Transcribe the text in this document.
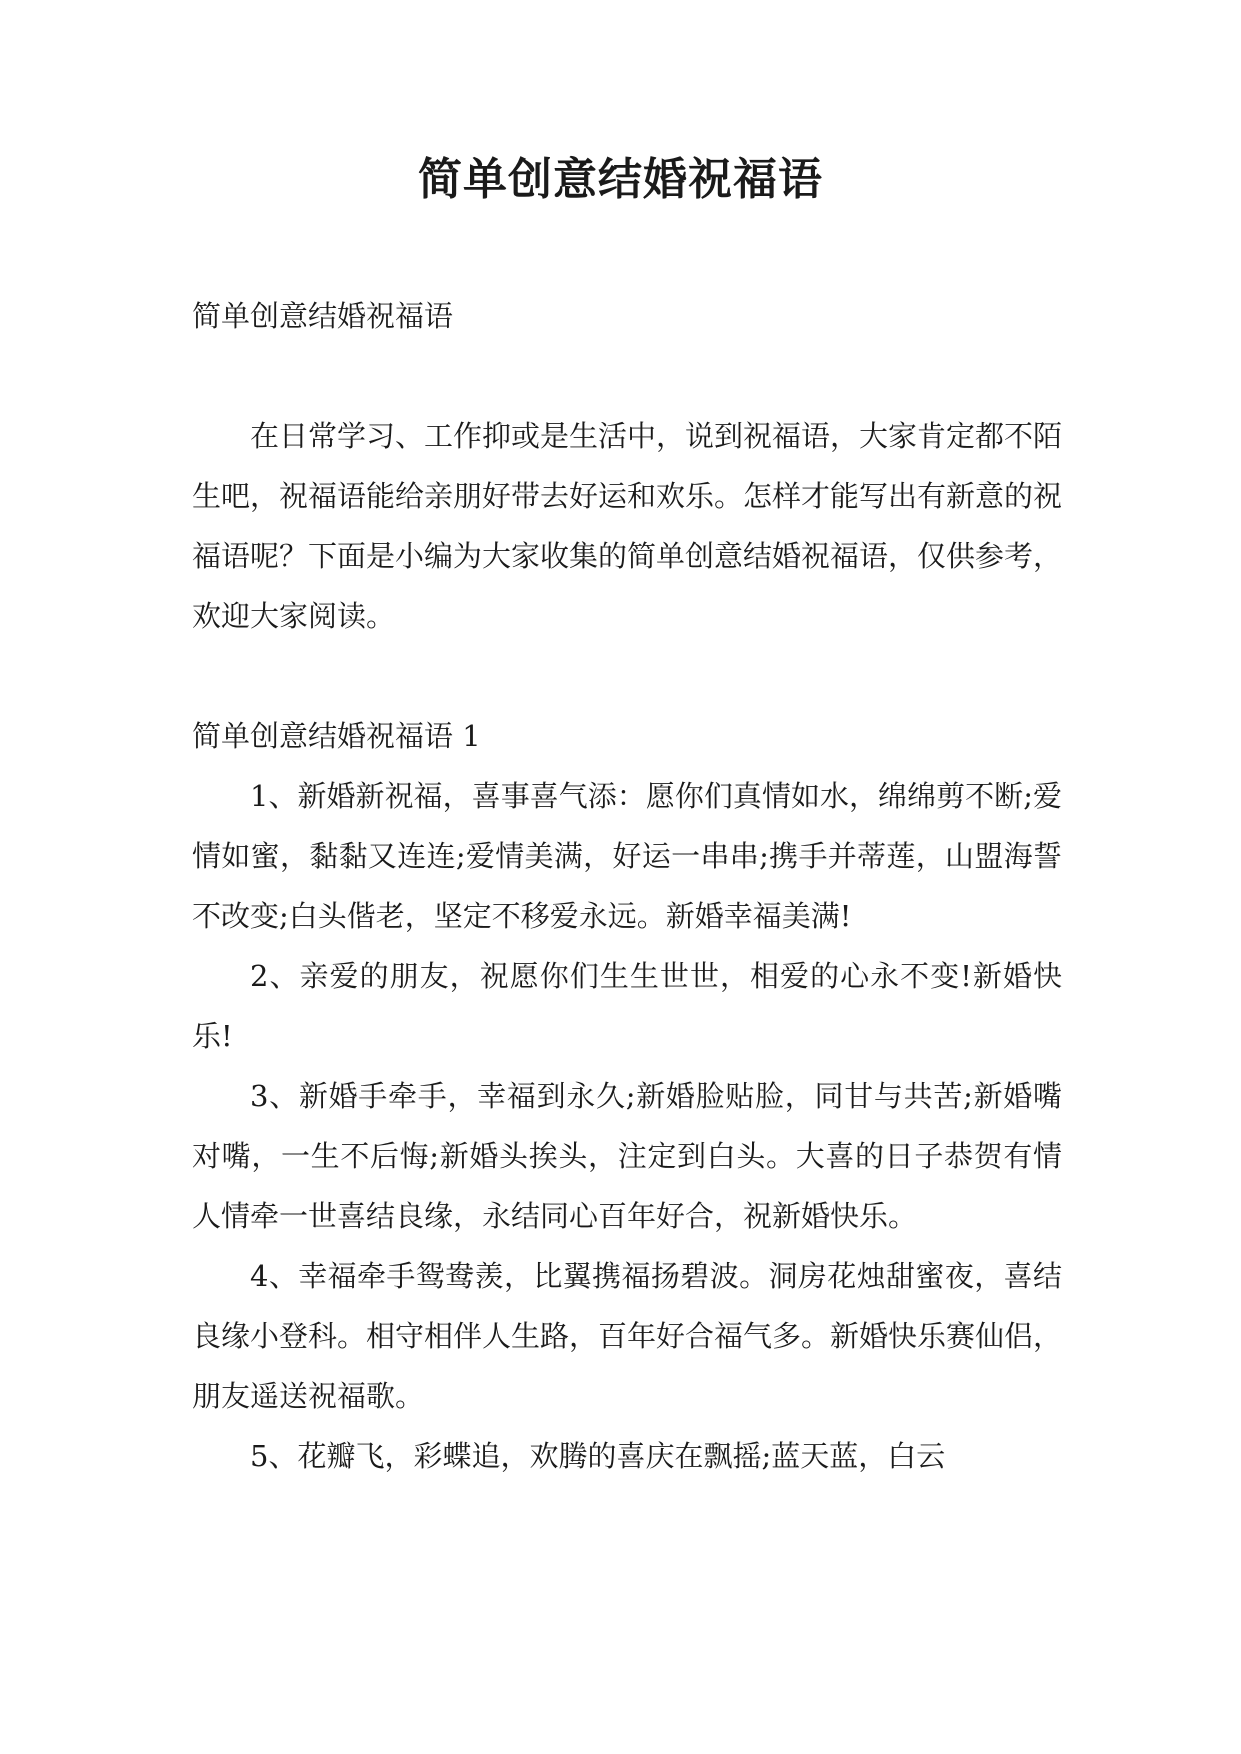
简单创意结婚祝福语

简单创意结婚祝福语

在日常学习、工作抑或是生活中，说到祝福语，大家肯定都不陌生吧，祝福语能给亲朋好带去好运和欢乐。怎样才能写出有新意的祝福语呢？下面是小编为大家收集的简单创意结婚祝福语，仅供参考，欢迎大家阅读。

简单创意结婚祝福语 1

1、新婚新祝福，喜事喜气添：愿你们真情如水，绵绵剪不断;爱情如蜜，黏黏又连连;爱情美满，好运一串串;携手并蒂莲，山盟海誓不改变;白头偕老，坚定不移爱永远。新婚幸福美满!

2、亲爱的朋友，祝愿你们生生世世，相爱的心永不变!新婚快乐!

3、新婚手牵手，幸福到永久;新婚脸贴脸，同甘与共苦;新婚嘴对嘴，一生不后悔;新婚头挨头，注定到白头。大喜的日子恭贺有情人情牵一世喜结良缘，永结同心百年好合，祝新婚快乐。

4、幸福牵手鸳鸯羡，比翼携福扬碧波。洞房花烛甜蜜夜，喜结良缘小登科。相守相伴人生路，百年好合福气多。新婚快乐赛仙侣，朋友遥送祝福歌。

5、花瓣飞，彩蝶追，欢腾的喜庆在飘摇;蓝天蓝，白云
